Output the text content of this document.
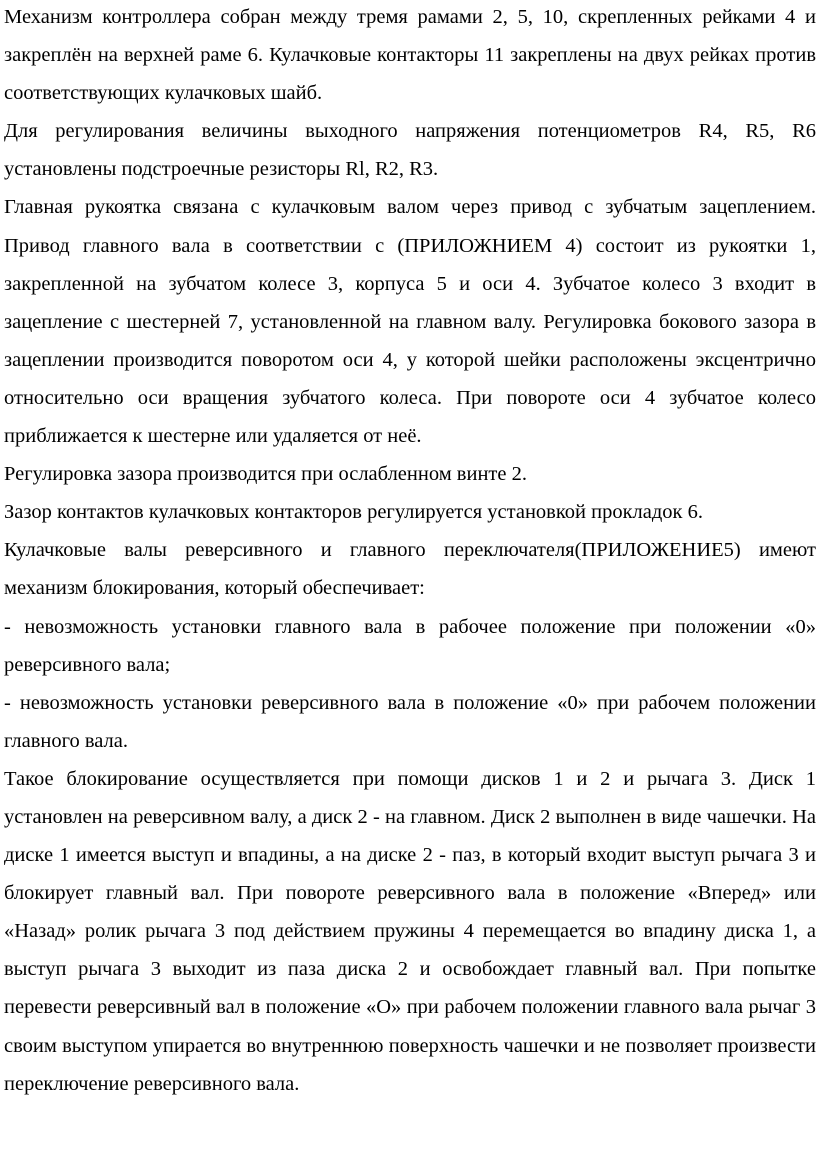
Механизм контроллера собран между тремя рамами 2, 5, 10, скрепленных рейками 4 и закреплён на верхней раме 6. Кулачковые контакторы 11 закреплены на двух рейках против соответствующих кулачковых шайб.

Для регулирования величины выходного напряжения потенциометров R4, R5, R6 установлены подстроечные резисторы Rl, R2, R3.

Главная рукоятка связана с кулачковым валом через привод с зубчатым зацеплением. Привод главного вала в соответствии с (ПРИЛОЖНИЕМ 4) состоит из рукоятки 1, закрепленной на зубчатом колесе 3, корпуса 5 и оси 4. Зубчатое колесо 3 входит в зацепление с шестерней 7, установленной на главном валу. Регулировка бокового зазора в зацеплении производится поворотом оси 4, у которой шейки расположены эксцентрично относительно оси вращения зубчатого колеса. При повороте оси 4 зубчатое колесо приближается к шестерне или удаляется от неё.

Регулировка зазора производится при ослабленном винте 2.

Зазор контактов кулачковых контакторов регулируется установкой прокладок 6.

Кулачковые валы реверсивного и главного переключателя(ПРИЛОЖЕНИЕ5) имеют механизм блокирования, который обеспечивает:

- невозможность установки главного вала в рабочее положение при положении «0» реверсивного вала;

- невозможность установки реверсивного вала в положение «0» при рабочем положении главного вала.

Такое блокирование осуществляется при помощи дисков 1 и 2 и рычага 3. Диск 1 установлен на реверсивном валу, а диск 2 - на главном. Диск 2 выполнен в виде чашечки. На диске 1 имеется выступ и впадины, а на диске 2 - паз, в который входит выступ рычага 3 и блокирует главный вал. При повороте реверсивного вала в положение «Вперед» или «Назад» ролик рычага 3 под действием пружины 4 перемещается во впадину диска 1, а выступ рычага 3 выходит из паза диска 2 и освобождает главный вал. При попытке перевести реверсивный вал в положение «О» при рабочем положении главного вала рычаг 3 своим выступом упирается во внутреннюю поверхность чашечки и не позволяет произвести переключение реверсивного вала.
